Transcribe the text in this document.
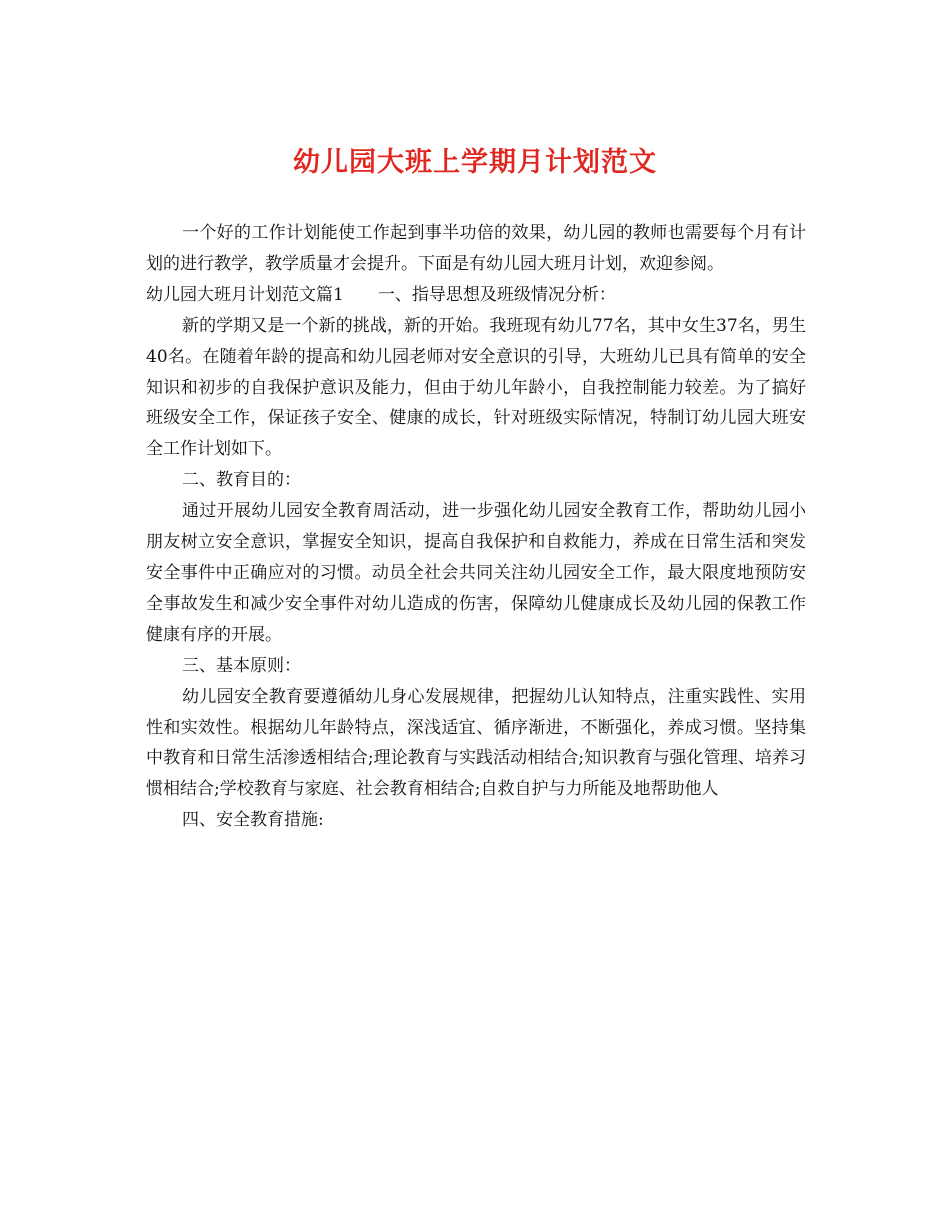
幼儿园大班上学期月计划范文

一个好的工作计划能使工作起到事半功倍的效果，幼儿园的教师也需要每个月有计划的进行教学，教学质量才会提升。下面是有幼儿园大班月计划，欢迎参阅。

幼儿园大班月计划范文篇1　　一、指导思想及班级情况分析：

新的学期又是一个新的挑战，新的开始。我班现有幼儿77名，其中女生37名，男生40名。在随着年龄的提高和幼儿园老师对安全意识的引导，大班幼儿已具有简单的安全知识和初步的自我保护意识及能力，但由于幼儿年龄小，自我控制能力较差。为了搞好班级安全工作，保证孩子安全、健康的成长，针对班级实际情况，特制订幼儿园大班安全工作计划如下。

二、教育目的：

通过开展幼儿园安全教育周活动，进一步强化幼儿园安全教育工作，帮助幼儿园小朋友树立安全意识，掌握安全知识，提高自我保护和自救能力，养成在日常生活和突发安全事件中正确应对的习惯。动员全社会共同关注幼儿园安全工作，最大限度地预防安全事故发生和减少安全事件对幼儿造成的伤害，保障幼儿健康成长及幼儿园的保教工作健康有序的开展。

三、基本原则：

幼儿园安全教育要遵循幼儿身心发展规律，把握幼儿认知特点，注重实践性、实用性和实效性。根据幼儿年龄特点，深浅适宜、循序渐进，不断强化，养成习惯。坚持集中教育和日常生活渗透相结合;理论教育与实践活动相结合;知识教育与强化管理、培养习惯相结合;学校教育与家庭、社会教育相结合;自救自护与力所能及地帮助他人

四、安全教育措施:
